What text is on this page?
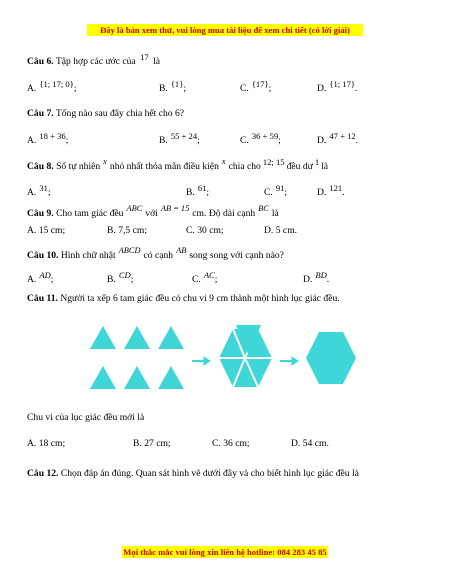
Đây là bản xem thử, vui lòng mua tài liệu để xem chi tiết (có lời giải)
Câu 6. Tập hợp các ước của 17 là
A. {1; 17; 0};	B. {1};	C. {17};	D. {1; 17}.
Câu 7. Tổng nào sau đây chia hết cho 6?
A. 18 + 36;	B. 55 + 24;	C. 36 + 59;	D. 47 + 12.
Câu 8. Số tự nhiên x nhỏ nhất thỏa mãn điều kiện x chia cho 12; 15 đều dư 1 là
A. 31;	B. 61;	C. 91;	D. 121.
Câu 9. Cho tam giác đều ABC với AB = 15 cm. Độ dài cạnh BC là
A. 15 cm;	B. 7,5 cm;	C. 30 cm;	D. 5 cm.
Câu 10. Hình chữ nhật ABCD có cạnh AB song song với cạnh nào?
A. AD;	B. CD;	C. AC;	D. BD.
Câu 11. Người ta xếp 6 tam giác đều có chu vi 9 cm thành một hình lục giác đều.
Chu vi của lục giác đều mới là
A. 18 cm;	B. 27 cm;	C. 36 cm;	D. 54 cm.
Câu 12. Chọn đáp án đúng. Quan sát hình vẽ dưới đây và cho biết hình lục giác đều là
Mọi thắc mắc vui lòng xin liên hệ hotline: 084 283 45 85
